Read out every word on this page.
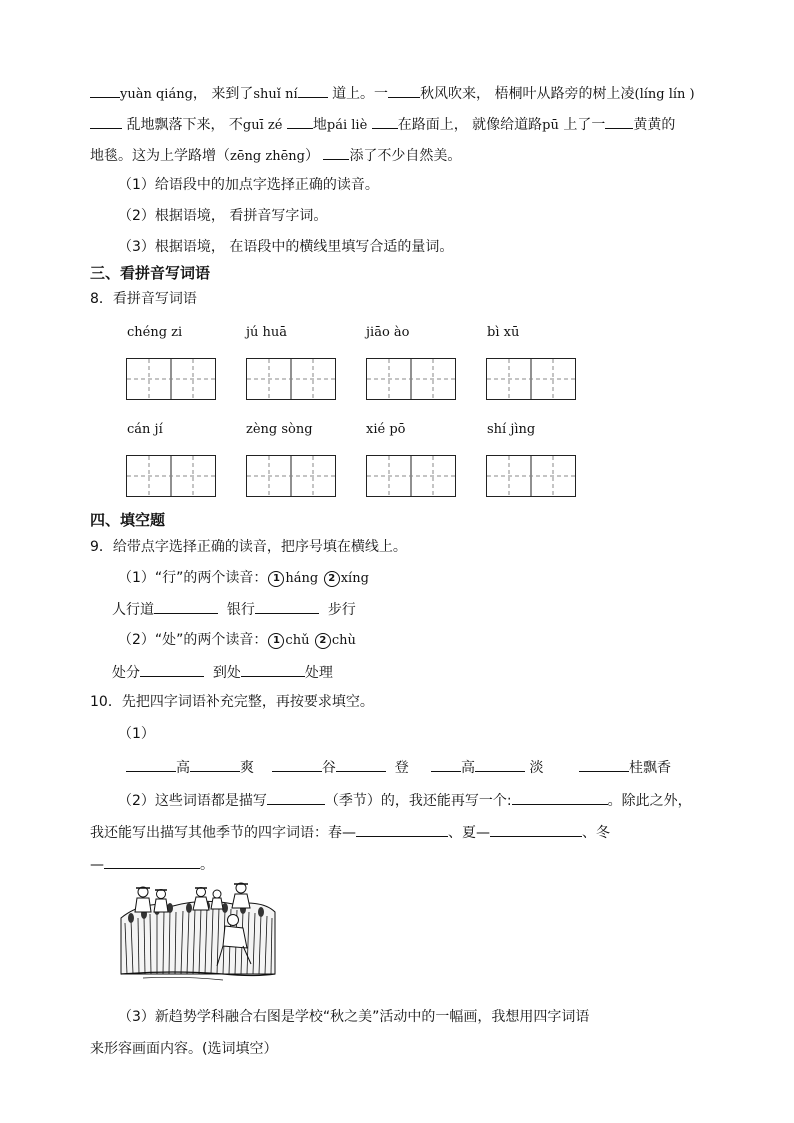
yuàn qiáng， 来到了shuǐ ní 道上。一 秋风吹来， 梧桐叶从路旁的树上凌(líng lín )
乱地飘落下来， 不guī zé 地pái liè 在路面上， 就像给道路pū 上了一 黄黄的
地毯。这为上学路增（zēng zhēng） 添了不少自然美。
（1）给语段中的加点字选择正确的读音。
（2）根据语境， 看拼音写字词。
（3）根据语境， 在语段中的横线里填写合适的量词。
三、看拼音写词语
8．看拼音写词语
chéng zi	jú huā	jiāo ào	bì xū
cán jí	zèng sòng	xié pō	shí jìng
四、填空题
9．给带点字选择正确的读音，把序号填在横线上。
（1）“行”的两个读音： 1 háng 2 xíng
人行道	银行	步行
（2）“处”的两个读音： 1 chǔ 2 chù
处分	到处	处理
10．先把四字词语补充完整，再按要求填空。
（1）
高	爽	谷	登	高	淡	桂飘香
（2）这些词语都是描写	（季节）的，我还能再写一个:	。除此之外，
我还能写出描写其他季节的四字词语：春—	、夏—	、冬
—	。
（3）新趋势学科融合右图是学校“秋之美”活动中的一幅画，我想用四字词语
来形容画面内容。(选词填空）
